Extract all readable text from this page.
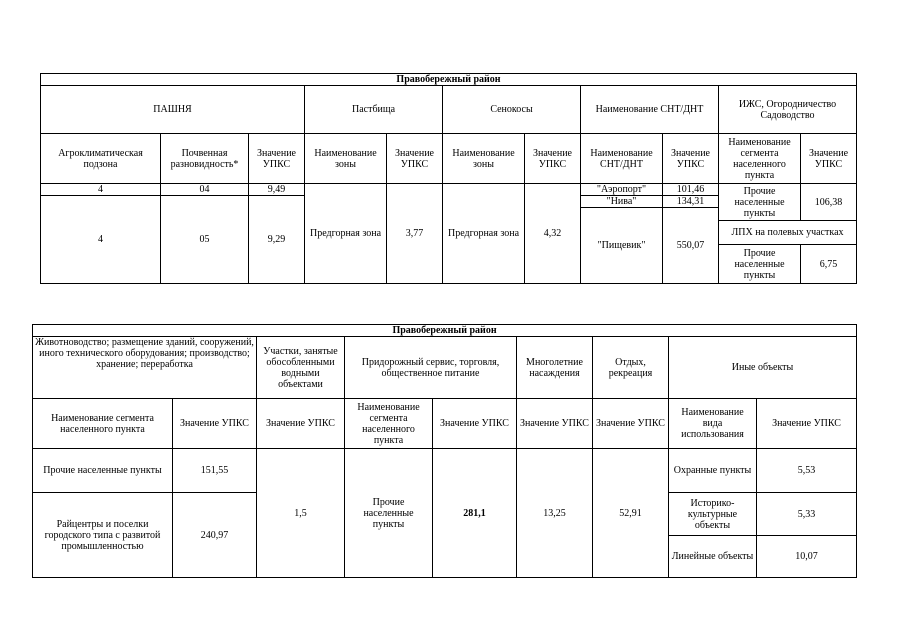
Правобережный район										
ПАШНЯ			Пастбища		Сенокосы		Наименование СНТ/ДНТ		ИЖС, Огородничество Садоводство	
Агроклиматическая подзона	Почвенная разновидность*	Значение УПКС	Наименование зоны	Значение УПКС	Наименование зоны	Значение УПКС	Наименование СНТ/ДНТ	Значение УПКС	Наименование сегмента населенного пункта	Значение УПКС
4	04	9,49	Предгорная зона	3,77	Предгорная зона	4,32	"Аэропорт"	101,46	Прочие населенные пункты	106,38
4	05	9,29					"Нива"	134,31		

							"Пищевик"	550,07		
									ЛПХ на полевых участках	
									Прочие населенные пункты	6,75

Правобережный район								
Животноводство; размещение зданий, сооружений, иного технического оборудования; производство; хранение; переработка		Участки, занятые обособленными водными объектами	Придорожный сервис, торговля, общественное питание		Многолетние насаждения	Отдых, рекреация	Иные объекты	
Наименование сегмента населенного пункта	Значение УПКС	Значение УПКС	Наименование сегмента населенного пункта	Значение УПКС	Значение УПКС	Значение УПКС	Наименование вида использования	Значение УПКС
Прочие населенные пункты	151,55	1,5	Прочие населенные пункты	281,1	13,25	52,91	Охранные пункты	5,53
Райцентры и поселки городского типа с развитой промышленностью	240,97						Историко-культурные объекты	5,33

							Линейные объекты	10,07
